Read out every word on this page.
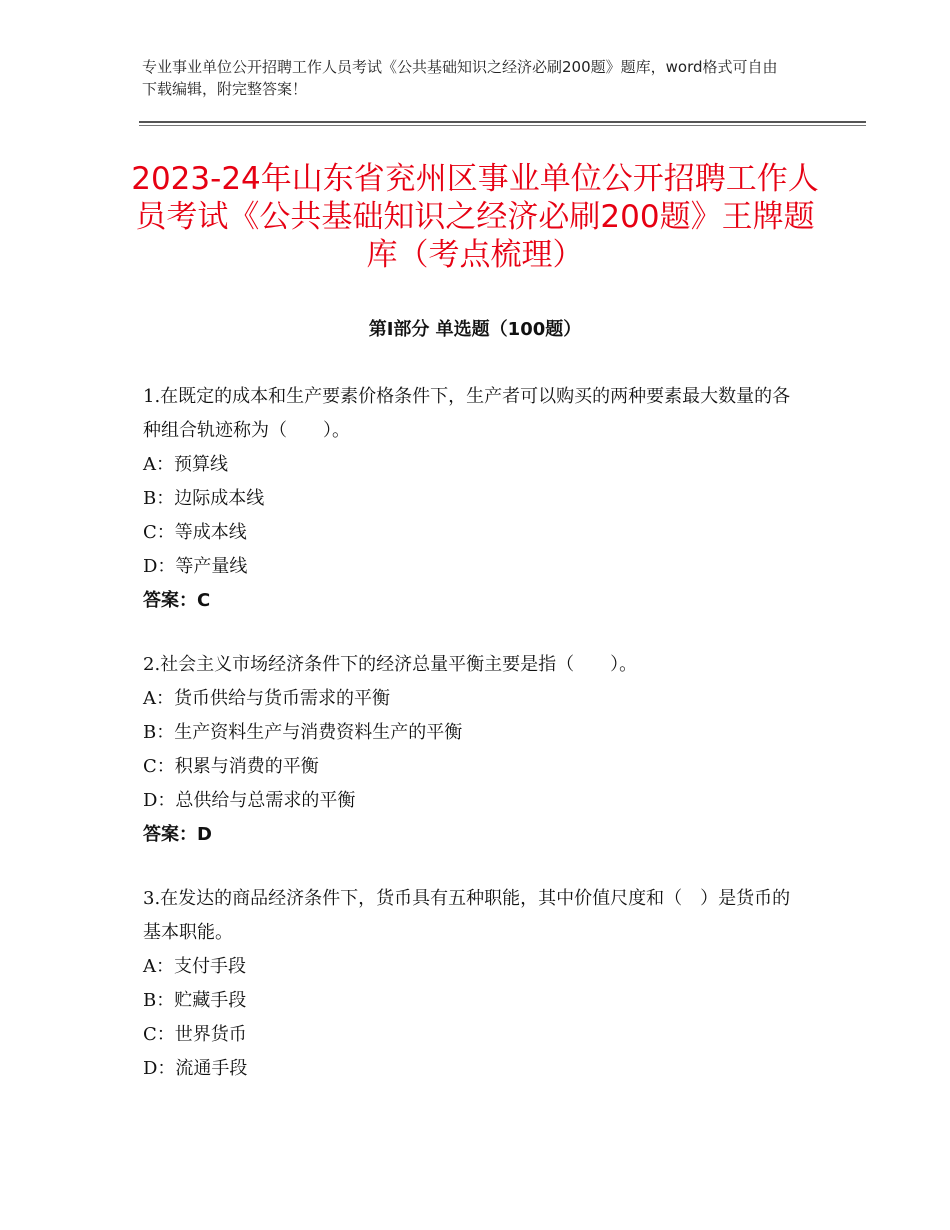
专业事业单位公开招聘工作人员考试《公共基础知识之经济必刷200题》题库，word格式可自由下载编辑，附完整答案！
2023-24年山东省兖州区事业单位公开招聘工作人员考试《公共基础知识之经济必刷200题》王牌题库（考点梳理）
第Ⅰ部分 单选题（100题）

1.在既定的成本和生产要素价格条件下，生产者可以购买的两种要素最大数量的各种组合轨迹称为（　　）。

A：预算线

B：边际成本线

C：等成本线

D：等产量线

答案：C

2.社会主义市场经济条件下的经济总量平衡主要是指（　　）。

A：货币供给与货币需求的平衡

B：生产资料生产与消费资料生产的平衡

C：积累与消费的平衡

D：总供给与总需求的平衡

答案：D

3.在发达的商品经济条件下，货币具有五种职能，其中价值尺度和（　）是货币的基本职能。

A：支付手段

B：贮藏手段

C：世界货币

D：流通手段
